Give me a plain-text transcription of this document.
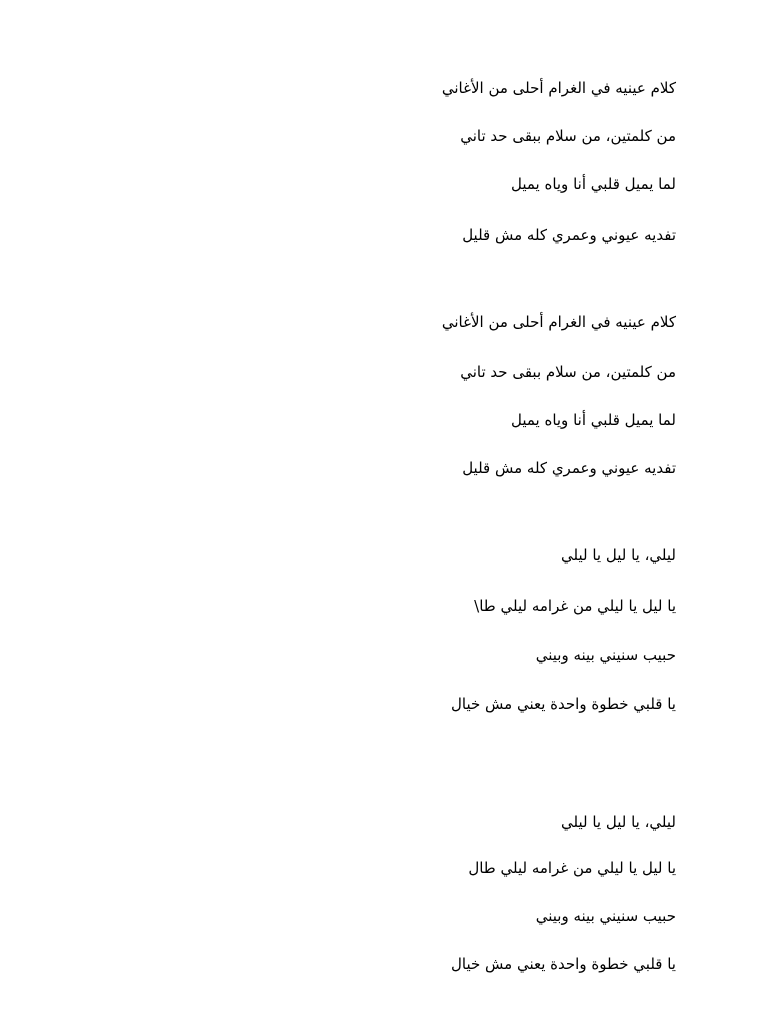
كلام عينيه في الغرام أحلى من الأغاني
من كلمتين، من سلام ببقى حد تاني
لما يميل قلبي أنا وياه يميل
تفديه عيوني وعمري كله مش قليل
كلام عينيه في الغرام أحلى من الأغاني
من كلمتين، من سلام ببقى حد تاني
لما يميل قلبي أنا وياه يميل
تفديه عيوني وعمري كله مش قليل
ليلي، يا ليل يا ليلي
يا ليل يا ليلي من غرامه ليلي طا\
حبيب سنيني بينه وبيني
يا قلبي خطوة واحدة يعني مش خيال
ليلي، يا ليل يا ليلي
يا ليل يا ليلي من غرامه ليلي طال
حبيب سنيني بينه وبيني
يا قلبي خطوة واحدة يعني مش خيال
